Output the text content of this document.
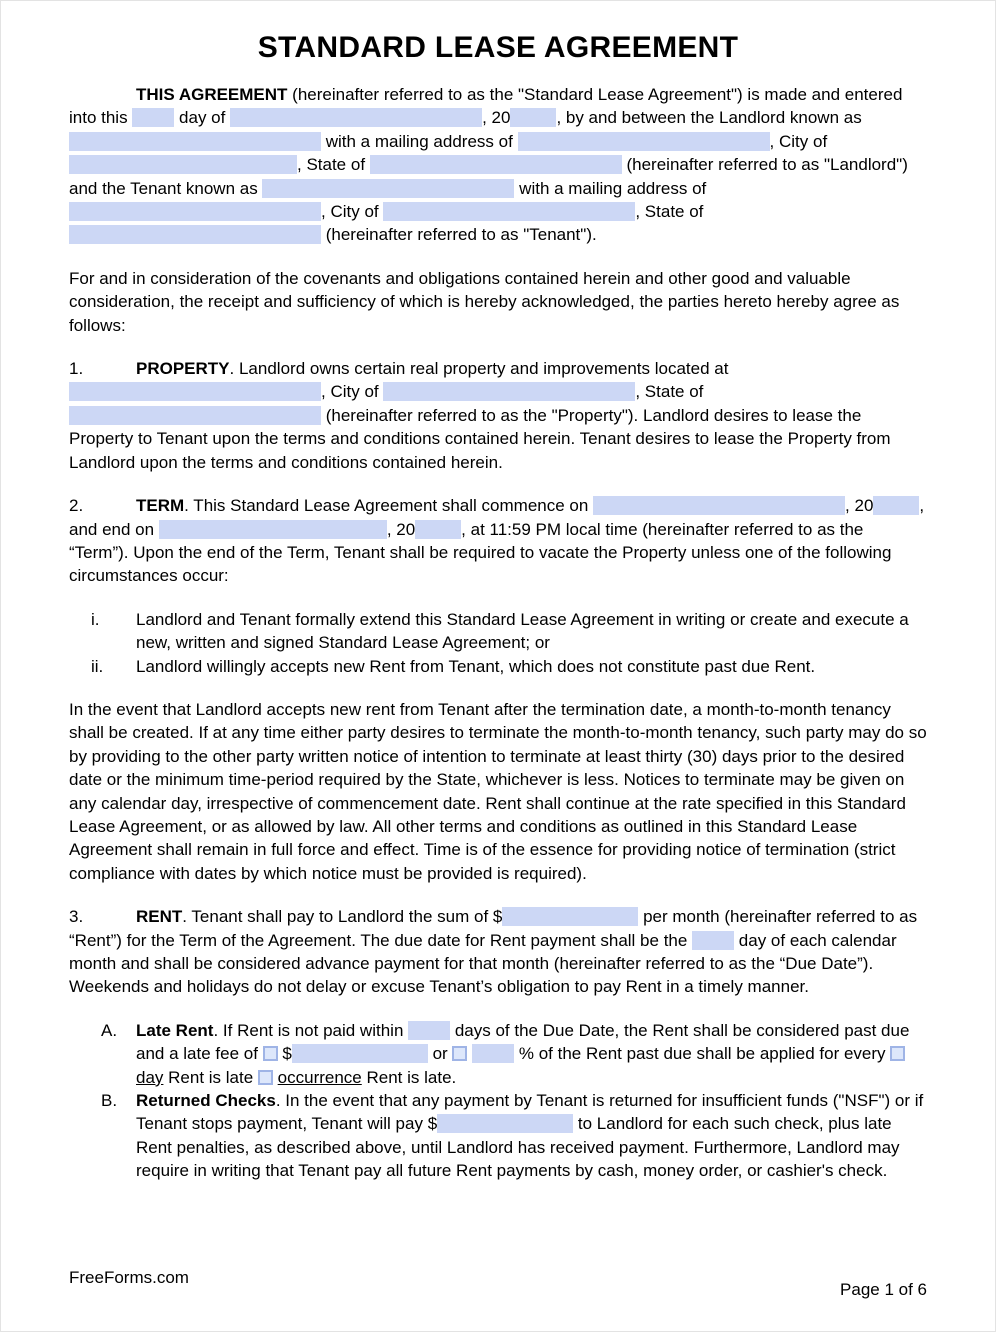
STANDARD LEASE AGREEMENT

THIS AGREEMENT (hereinafter referred to as the "Standard Lease Agreement") is made and entered into this  day of	, 20	, by and between the Landlord known as  with a mailing address of	, City of , State of	(hereinafter referred to as "Landlord") and the Tenant known as	with a mailing address of , City of	, State of  (hereinafter referred to as "Tenant").

For and in consideration of the covenants and obligations contained herein and other good and valuable consideration, the receipt and sufficiency of which is hereby acknowledged, the parties hereto hereby agree as follows:

1.	PROPERTY. Landlord owns certain real property and improvements located at , City of	, State of  (hereinafter referred to as the "Property"). Landlord desires to lease the Property to Tenant upon the terms and conditions contained herein. Tenant desires to lease the Property from Landlord upon the terms and conditions contained herein.

2.	TERM. This Standard Lease Agreement shall commence on	, 20	, and end on	, 20	, at 11:59 PM local time (hereinafter referred to as the “Term”). Upon the end of the Term, Tenant shall be required to vacate the Property unless one of the following circumstances occur:

i.	Landlord and Tenant formally extend this Standard Lease Agreement in writing or create and execute a new, written and signed Standard Lease Agreement; or
ii.	Landlord willingly accepts new Rent from Tenant, which does not constitute past due Rent.

In the event that Landlord accepts new rent from Tenant after the termination date, a month-to-month tenancy shall be created. If at any time either party desires to terminate the month-to-month tenancy, such party may do so by providing to the other party written notice of intention to terminate at least thirty (30) days prior to the desired date or the minimum time-period required by the State, whichever is less. Notices to terminate may be given on any calendar day, irrespective of commencement date. Rent shall continue at the rate specified in this Standard Lease Agreement, or as allowed by law. All other terms and conditions as outlined in this Standard Lease Agreement shall remain in full force and effect. Time is of the essence for providing notice of termination (strict compliance with dates by which notice must be provided is required).

3.	RENT. Tenant shall pay to Landlord the sum of $	per month (hereinafter referred to as “Rent”) for the Term of the Agreement. The due date for Rent payment shall be the  day of each calendar month and shall be considered advance payment for that month (hereinafter referred to as the “Due Date”). Weekends and holidays do not delay or excuse Tenant’s obligation to pay Rent in a timely manner.

A.	Late Rent. If Rent is not paid within  days of the Due Date, the Rent shall be considered past due and a late fee of  $	or	% of the Rent past due shall be applied for every  day Rent is late  occurrence Rent is late.
B.	Returned Checks. In the event that any payment by Tenant is returned for insufficient funds ("NSF") or if Tenant stops payment, Tenant will pay $	to Landlord for each such check, plus late Rent penalties, as described above, until Landlord has received payment. Furthermore, Landlord may require in writing that Tenant pay all future Rent payments by cash, money order, or cashier's check.
FreeForms.com
Page 1 of 6
